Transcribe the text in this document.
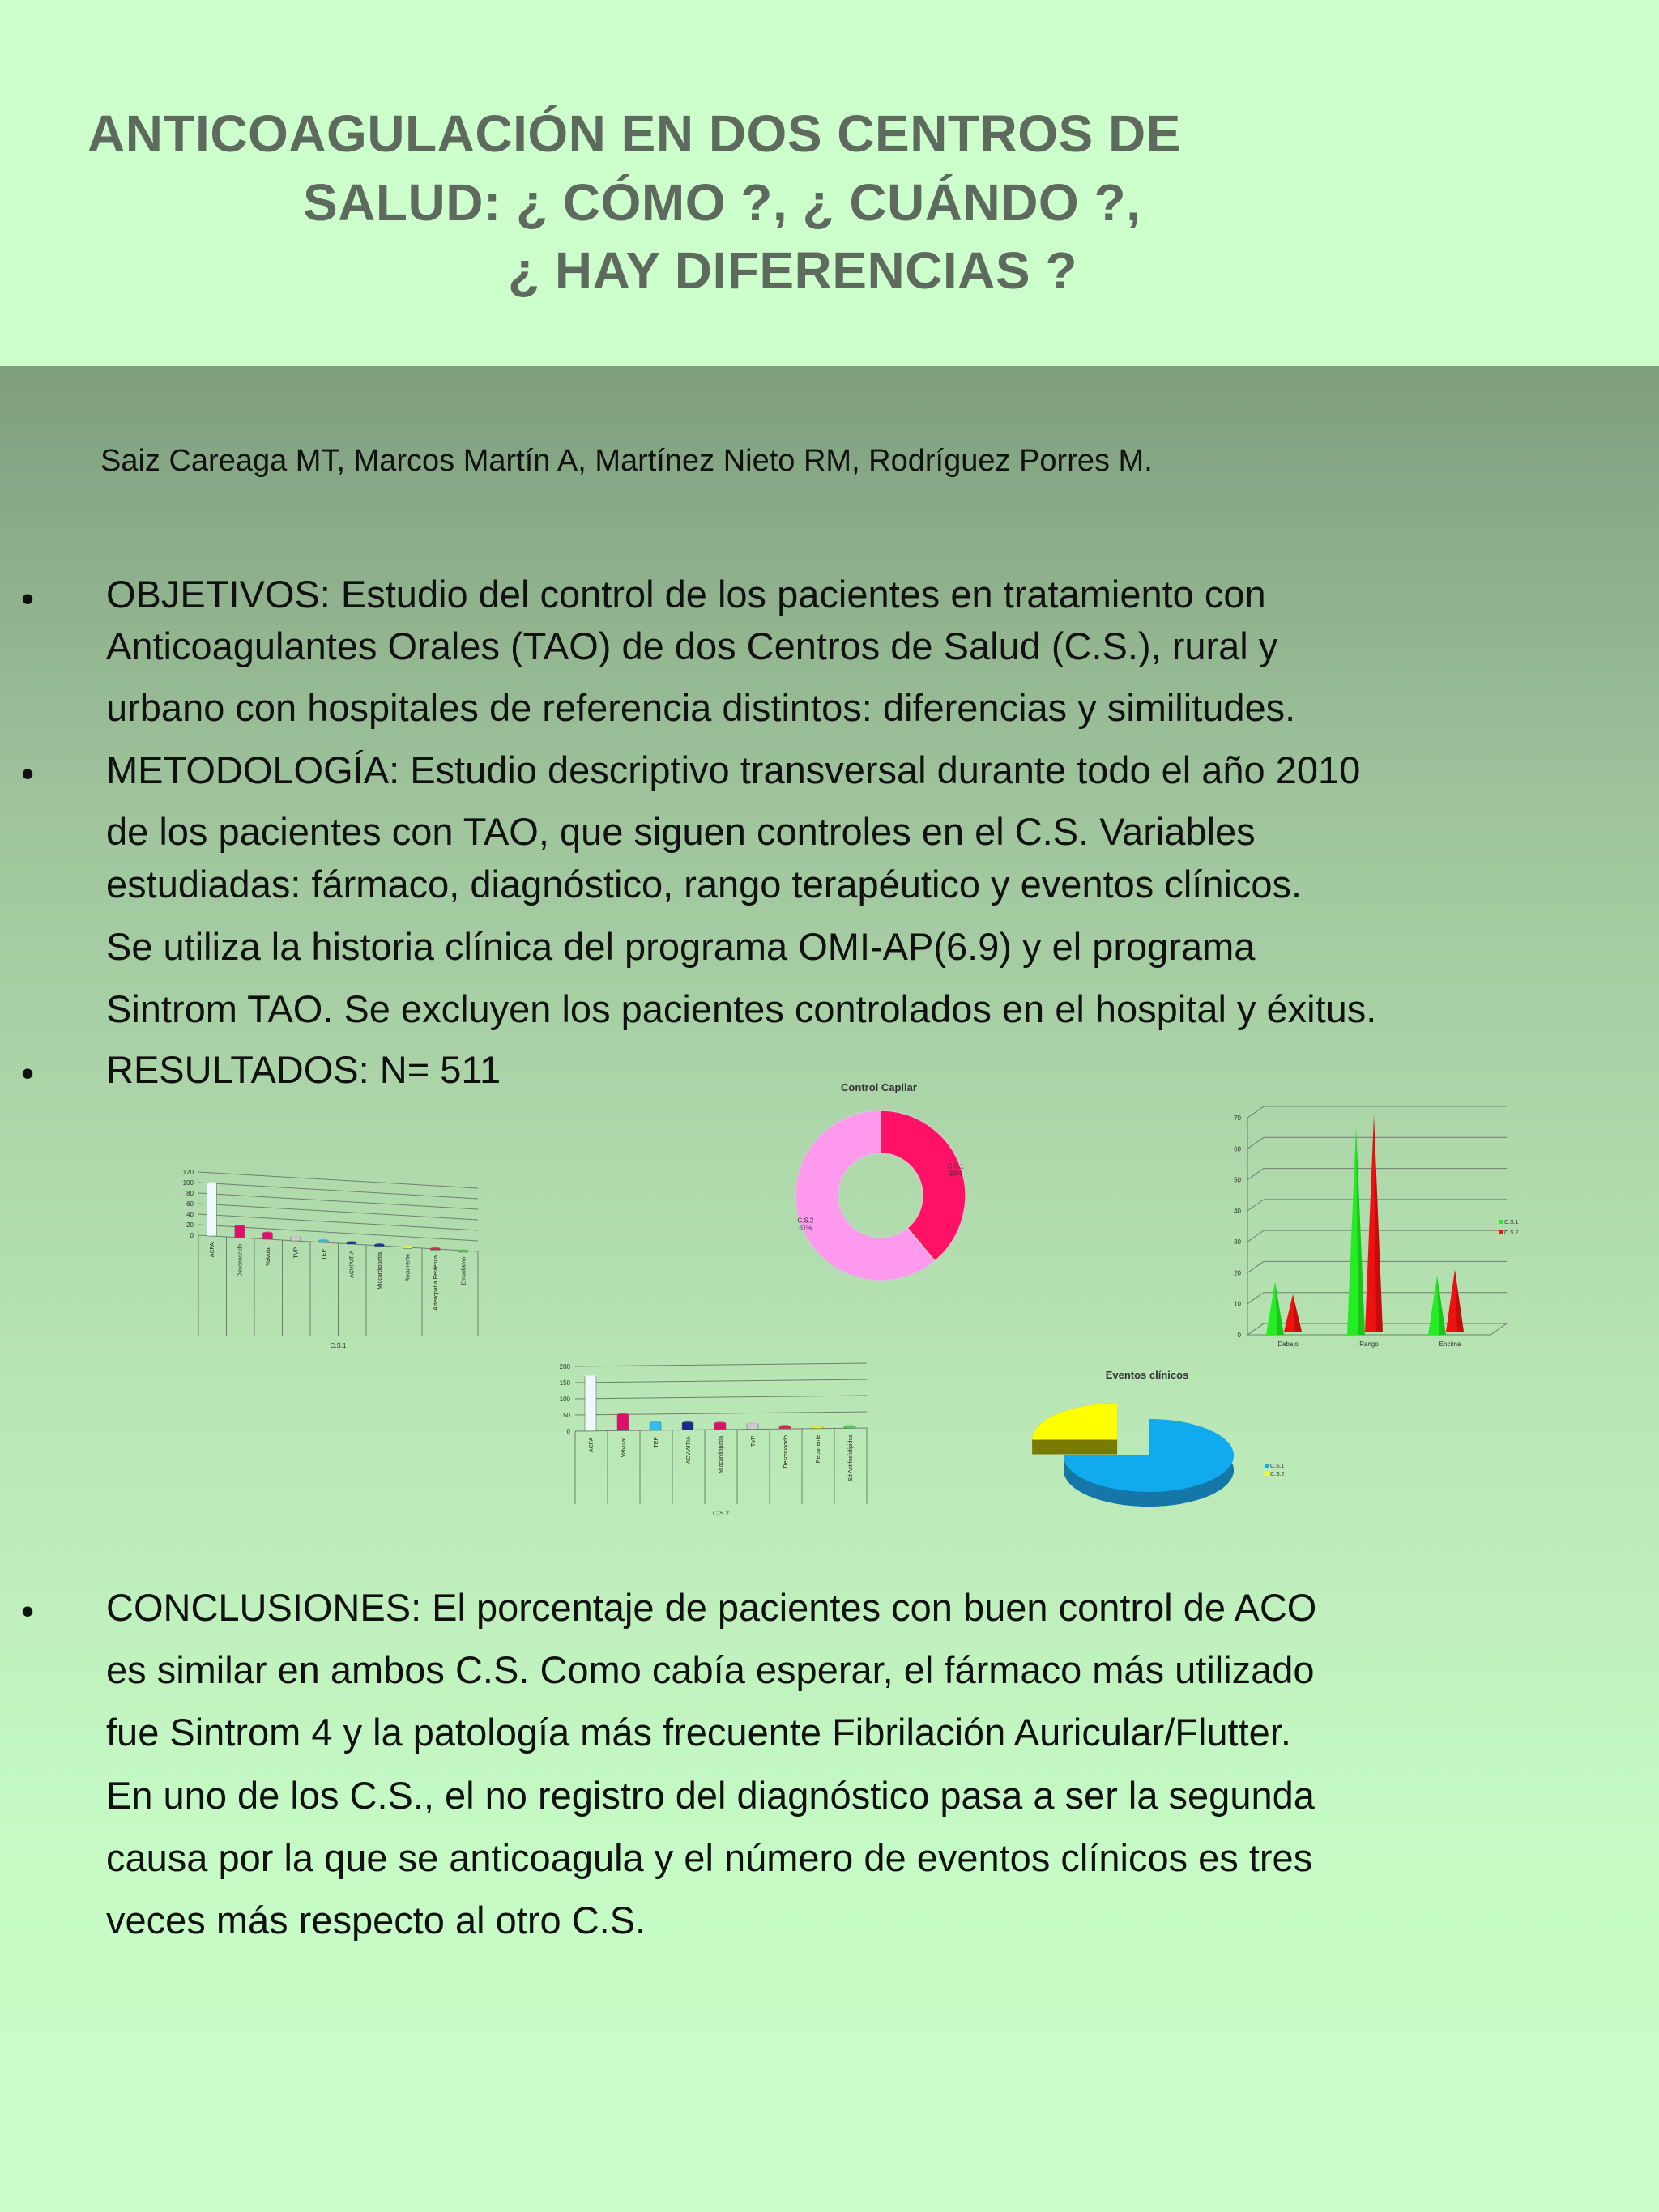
ANTICOAGULACIÓN EN DOS CENTROS DE
SALUD: ¿ CÓMO ?, ¿ CUÁNDO ?,
¿ HAY DIFERENCIAS ?
Saiz Careaga MT, Marcos Martín A, Martínez Nieto RM, Rodríguez Porres M.
• OBJETIVOS: Estudio del control de los pacientes en tratamiento con
Anticoagulantes Orales (TAO) de dos Centros de Salud (C.S.), rural y
urbano con hospitales de referencia distintos: diferencias y similitudes.
• METODOLOGÍA: Estudio descriptivo transversal durante todo el año 2010
de los pacientes con TAO, que siguen controles en el C.S. Variables
estudiadas: fármaco, diagnóstico, rango terapéutico y eventos clínicos.
Se utiliza la historia clínica del programa OMI-AP(6.9) y el programa
Sintrom TAO. Se excluyen los pacientes controlados en el hospital y éxitus.
• RESULTADOS: N= 511
• CONCLUSIONES: El porcentaje de pacientes con buen control de ACO
es similar en ambos C.S. Como cabía esperar, el fármaco más utilizado
fue Sintrom 4 y la patología más frecuente Fibrilación Auricular/Flutter.
En uno de los C.S., el no registro del diagnóstico pasa a ser la segunda
causa por la que se anticoagula y el número de eventos clínicos es tres
veces más respecto al otro C.S.
0
20
40
60
80
100
120
ACFA	Desconocido	Valvular	TVP	TEP	ACV/AITIA	Miocardiopatía	Recurrente	Arteriopatía Periférica	Embolismo
C.S.1
0
50
100
150
200
ACFA	Valvular	TEP	ACV/AITIA	Miocardiopatía	TVP	Desconocido	Recurrente	Sd Antifosfolípidos
C.S.2
Control Capilar
C.S.1
39%
C.S.2
61%
0
10
20
30
40
50
60
70
Debajo	Rango	Encima
C.S.1
C.S.2
Eventos clínicos
C.S.1
C.S.2
